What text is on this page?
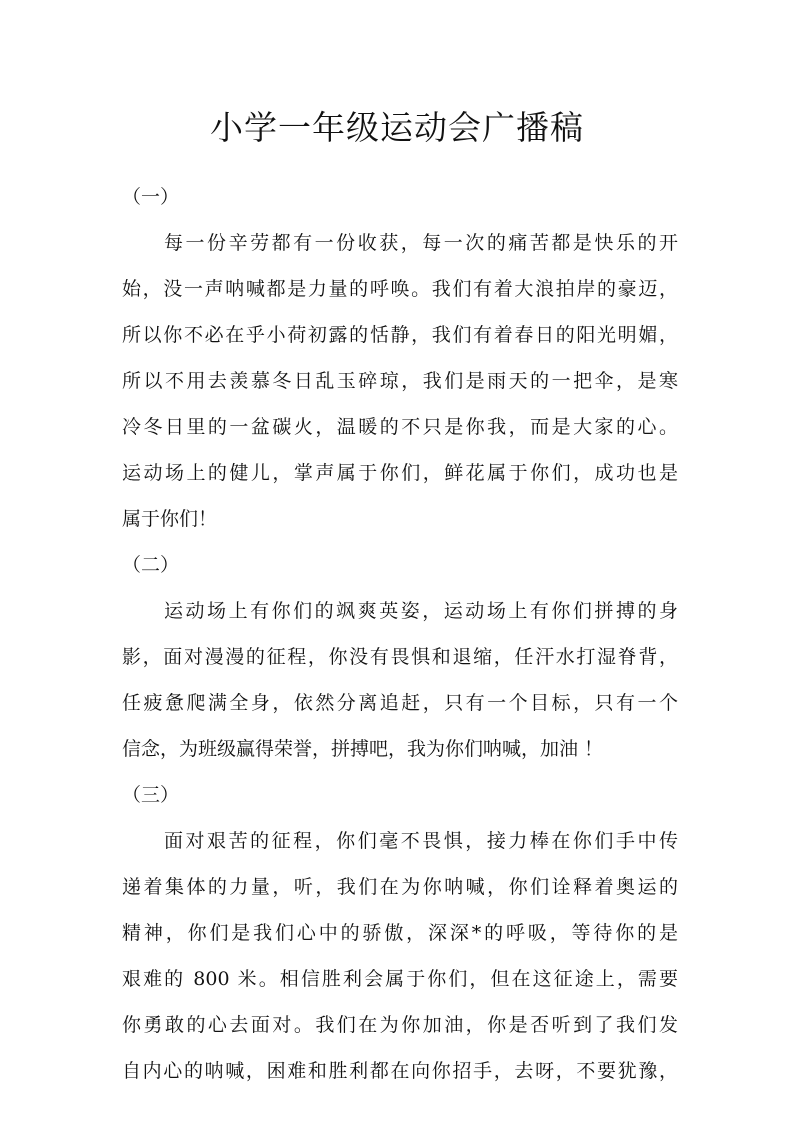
小学一年级运动会广播稿
（一）
每一份辛劳都有一份收获，每一次的痛苦都是快乐的开
始，没一声呐喊都是力量的呼唤。我们有着大浪拍岸的豪迈，
所以你不必在乎小荷初露的恬静，我们有着春日的阳光明媚，
所以不用去羡慕冬日乱玉碎琼，我们是雨天的一把伞，是寒
冷冬日里的一盆碳火，温暖的不只是你我，而是大家的心。
运动场上的健儿，掌声属于你们，鲜花属于你们，成功也是
属于你们！
（二）
运动场上有你们的飒爽英姿，运动场上有你们拼搏的身
影，面对漫漫的征程，你没有畏惧和退缩，任汗水打湿脊背，
任疲惫爬满全身，依然分离追赶，只有一个目标，只有一个
信念，为班级赢得荣誉，拼搏吧，我为你们呐喊，加油 ！
（三）
面对艰苦的征程，你们毫不畏惧，接力棒在你们手中传
递着集体的力量，听，我们在为你呐喊，你们诠释着奥运的
精神，你们是我们心中的骄傲，深深*的呼吸，等待你的是
艰难的 800 米。相信胜利会属于你们，但在这征途上，需要
你勇敢的心去面对。我们在为你加油，你是否听到了我们发
自内心的呐喊，困难和胜利都在向你招手，去呀，不要犹豫，
